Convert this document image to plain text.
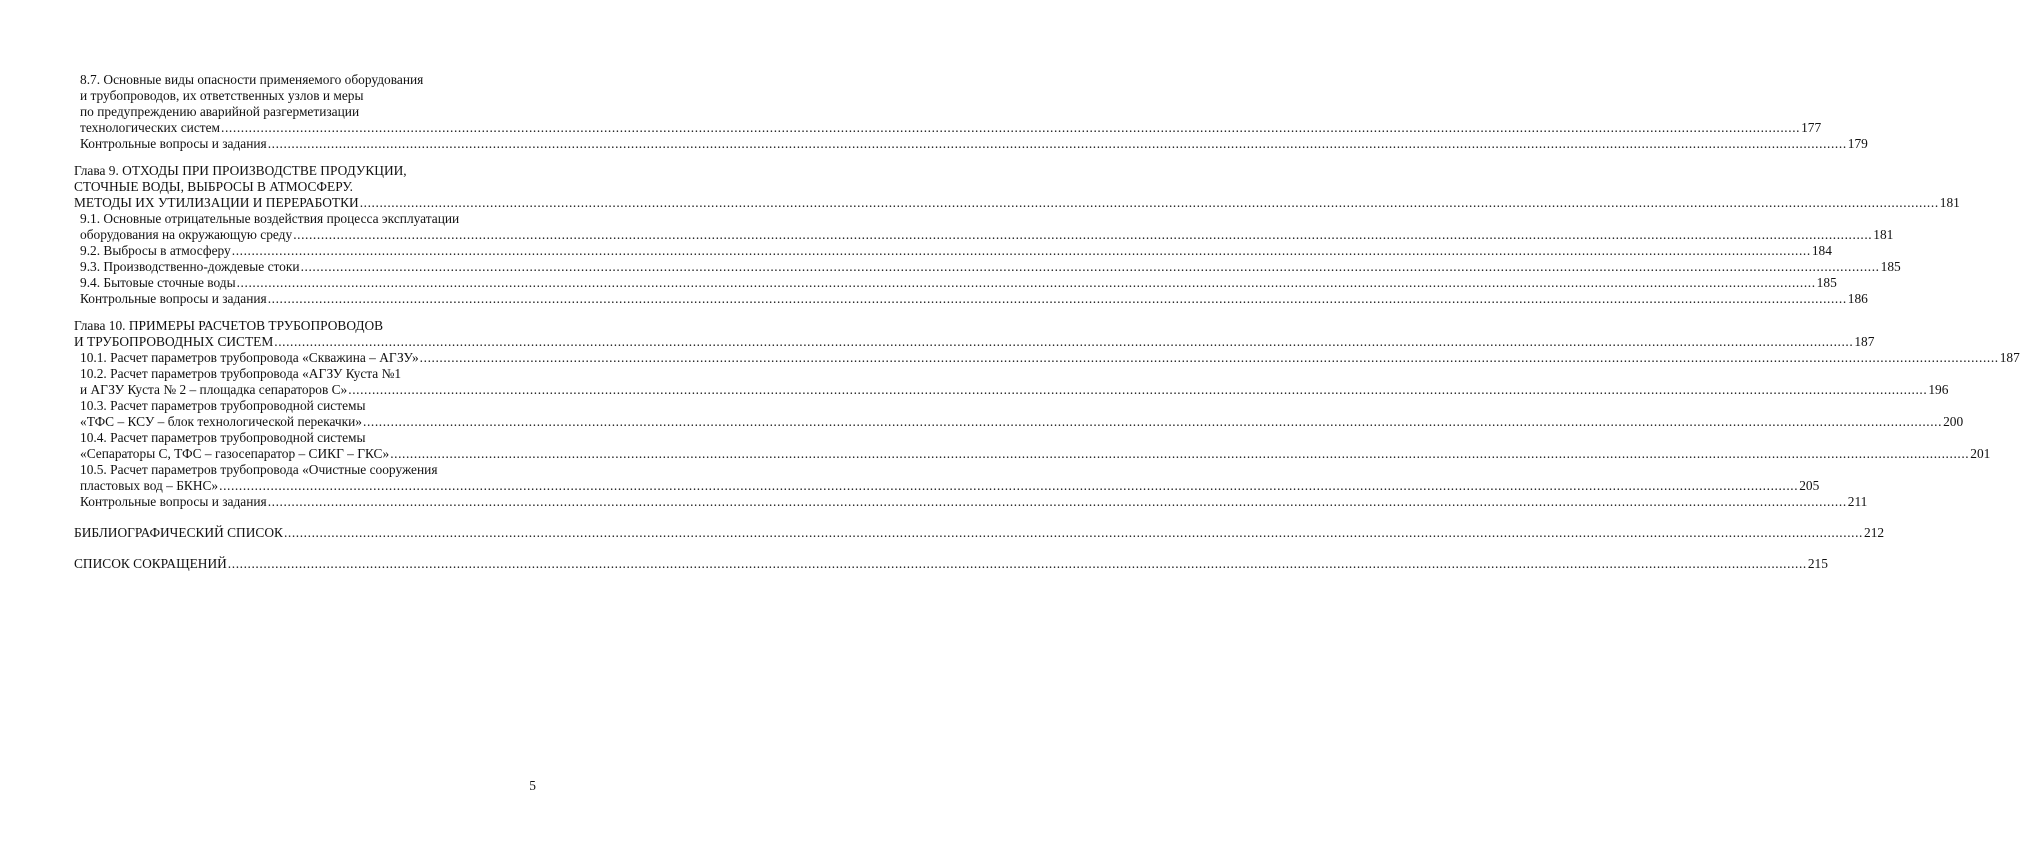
8.7. Основные виды опасности применяемого оборудования
и трубопроводов, их ответственных узлов и меры
по предупреждению аварийной разгерметизации
технологических систем ................................................................................................................................................................................................................................................................................................................................................................................................................ 177
Контрольные вопросы и задания ................................................................................................................................................................................................................................................................................................................................................................................................................ 179
Глава 9. ОТХОДЫ ПРИ ПРОИЗВОДСТВЕ ПРОДУКЦИИ,
СТОЧНЫЕ ВОДЫ, ВЫБРОСЫ В АТМОСФЕРУ.
МЕТОДЫ ИХ УТИЛИЗАЦИИ И ПЕРЕРАБОТКИ ................................................................................................................................................................................................................................................................................................................................................................................................................ 181
9.1. Основные отрицательные воздействия процесса эксплуатации
оборудования на окружающую среду ................................................................................................................................................................................................................................................................................................................................................................................................................ 181
9.2. Выбросы в атмосферу ................................................................................................................................................................................................................................................................................................................................................................................................................ 184
9.3. Производственно-дождевые стоки ................................................................................................................................................................................................................................................................................................................................................................................................................ 185
9.4. Бытовые сточные воды ................................................................................................................................................................................................................................................................................................................................................................................................................ 185
Контрольные вопросы и задания ................................................................................................................................................................................................................................................................................................................................................................................................................ 186
Глава 10. ПРИМЕРЫ РАСЧЕТОВ ТРУБОПРОВОДОВ
И ТРУБОПРОВОДНЫХ СИСТЕМ ................................................................................................................................................................................................................................................................................................................................................................................................................ 187
10.1. Расчет параметров трубопровода «Скважина – АГЗУ» ................................................................................................................................................................................................................................................................................................................................................................................................................ 187
10.2. Расчет параметров трубопровода «АГЗУ Куста №1
и АГЗУ Куста № 2 – площадка сепараторов С» ................................................................................................................................................................................................................................................................................................................................................................................................................ 196
10.3. Расчет параметров трубопроводной системы
«ТФС – КСУ – блок технологической перекачки» ................................................................................................................................................................................................................................................................................................................................................................................................................ 200
10.4. Расчет параметров трубопроводной системы
«Сепараторы С, ТФС – газосепаратор – СИКГ – ГКС» ................................................................................................................................................................................................................................................................................................................................................................................................................ 201
10.5. Расчет параметров трубопровода «Очистные сооружения
пластовых вод – БКНС» ................................................................................................................................................................................................................................................................................................................................................................................................................ 205
Контрольные вопросы и задания ................................................................................................................................................................................................................................................................................................................................................................................................................ 211
БИБЛИОГРАФИЧЕСКИЙ СПИСОК ................................................................................................................................................................................................................................................................................................................................................................................................................ 212
СПИСОК СОКРАЩЕНИЙ ................................................................................................................................................................................................................................................................................................................................................................................................................ 215
5
